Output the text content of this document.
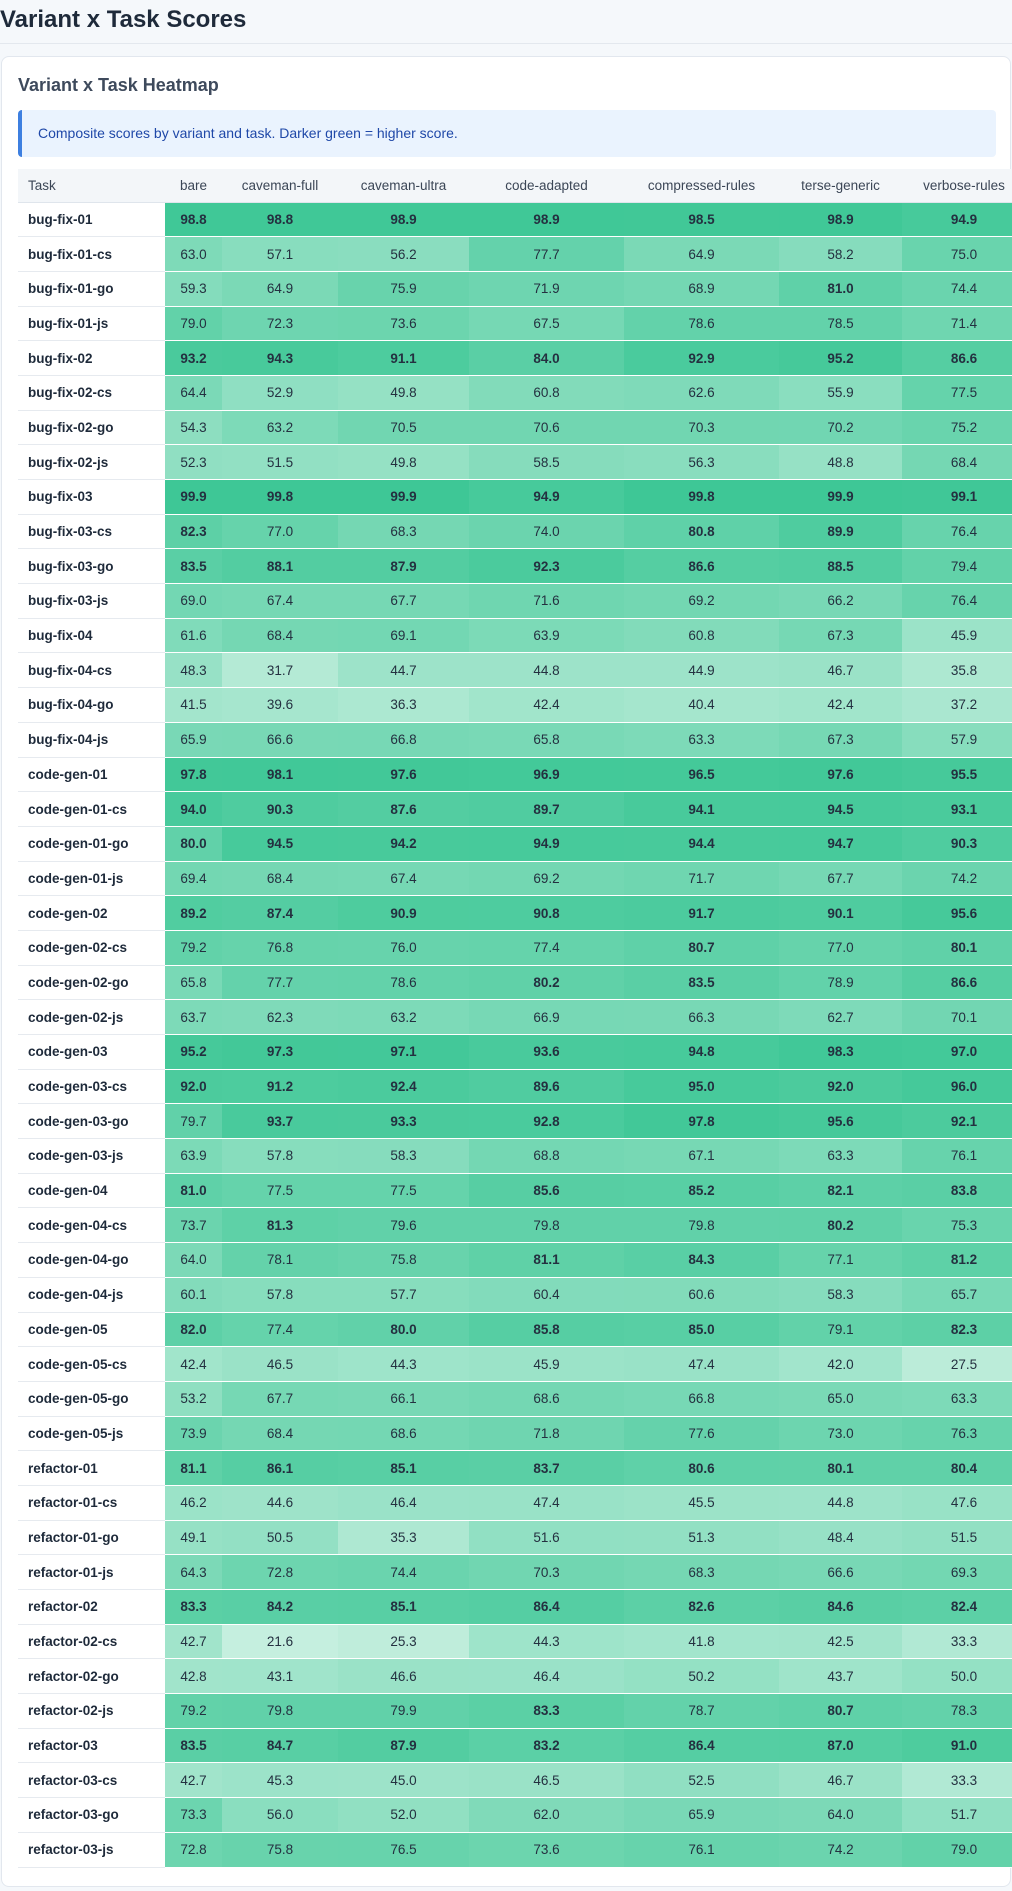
Variant x Task Scores
Variant x Task Heatmap
Composite scores by variant and task. Darker green = higher score.
Task	bare	caveman-full	caveman-ultra	code-adapted	compressed-rules	terse-generic	verbose-rules
bug-fix-01	98.8	98.8	98.9	98.9	98.5	98.9	94.9
bug-fix-01-cs	63.0	57.1	56.2	77.7	64.9	58.2	75.0
bug-fix-01-go	59.3	64.9	75.9	71.9	68.9	81.0	74.4
bug-fix-01-js	79.0	72.3	73.6	67.5	78.6	78.5	71.4
bug-fix-02	93.2	94.3	91.1	84.0	92.9	95.2	86.6
bug-fix-02-cs	64.4	52.9	49.8	60.8	62.6	55.9	77.5
bug-fix-02-go	54.3	63.2	70.5	70.6	70.3	70.2	75.2
bug-fix-02-js	52.3	51.5	49.8	58.5	56.3	48.8	68.4
bug-fix-03	99.9	99.8	99.9	94.9	99.8	99.9	99.1
bug-fix-03-cs	82.3	77.0	68.3	74.0	80.8	89.9	76.4
bug-fix-03-go	83.5	88.1	87.9	92.3	86.6	88.5	79.4
bug-fix-03-js	69.0	67.4	67.7	71.6	69.2	66.2	76.4
bug-fix-04	61.6	68.4	69.1	63.9	60.8	67.3	45.9
bug-fix-04-cs	48.3	31.7	44.7	44.8	44.9	46.7	35.8
bug-fix-04-go	41.5	39.6	36.3	42.4	40.4	42.4	37.2
bug-fix-04-js	65.9	66.6	66.8	65.8	63.3	67.3	57.9
code-gen-01	97.8	98.1	97.6	96.9	96.5	97.6	95.5
code-gen-01-cs	94.0	90.3	87.6	89.7	94.1	94.5	93.1
code-gen-01-go	80.0	94.5	94.2	94.9	94.4	94.7	90.3
code-gen-01-js	69.4	68.4	67.4	69.2	71.7	67.7	74.2
code-gen-02	89.2	87.4	90.9	90.8	91.7	90.1	95.6
code-gen-02-cs	79.2	76.8	76.0	77.4	80.7	77.0	80.1
code-gen-02-go	65.8	77.7	78.6	80.2	83.5	78.9	86.6
code-gen-02-js	63.7	62.3	63.2	66.9	66.3	62.7	70.1
code-gen-03	95.2	97.3	97.1	93.6	94.8	98.3	97.0
code-gen-03-cs	92.0	91.2	92.4	89.6	95.0	92.0	96.0
code-gen-03-go	79.7	93.7	93.3	92.8	97.8	95.6	92.1
code-gen-03-js	63.9	57.8	58.3	68.8	67.1	63.3	76.1
code-gen-04	81.0	77.5	77.5	85.6	85.2	82.1	83.8
code-gen-04-cs	73.7	81.3	79.6	79.8	79.8	80.2	75.3
code-gen-04-go	64.0	78.1	75.8	81.1	84.3	77.1	81.2
code-gen-04-js	60.1	57.8	57.7	60.4	60.6	58.3	65.7
code-gen-05	82.0	77.4	80.0	85.8	85.0	79.1	82.3
code-gen-05-cs	42.4	46.5	44.3	45.9	47.4	42.0	27.5
code-gen-05-go	53.2	67.7	66.1	68.6	66.8	65.0	63.3
code-gen-05-js	73.9	68.4	68.6	71.8	77.6	73.0	76.3
refactor-01	81.1	86.1	85.1	83.7	80.6	80.1	80.4
refactor-01-cs	46.2	44.6	46.4	47.4	45.5	44.8	47.6
refactor-01-go	49.1	50.5	35.3	51.6	51.3	48.4	51.5
refactor-01-js	64.3	72.8	74.4	70.3	68.3	66.6	69.3
refactor-02	83.3	84.2	85.1	86.4	82.6	84.6	82.4
refactor-02-cs	42.7	21.6	25.3	44.3	41.8	42.5	33.3
refactor-02-go	42.8	43.1	46.6	46.4	50.2	43.7	50.0
refactor-02-js	79.2	79.8	79.9	83.3	78.7	80.7	78.3
refactor-03	83.5	84.7	87.9	83.2	86.4	87.0	91.0
refactor-03-cs	42.7	45.3	45.0	46.5	52.5	46.7	33.3
refactor-03-go	73.3	56.0	52.0	62.0	65.9	64.0	51.7
refactor-03-js	72.8	75.8	76.5	73.6	76.1	74.2	79.0
